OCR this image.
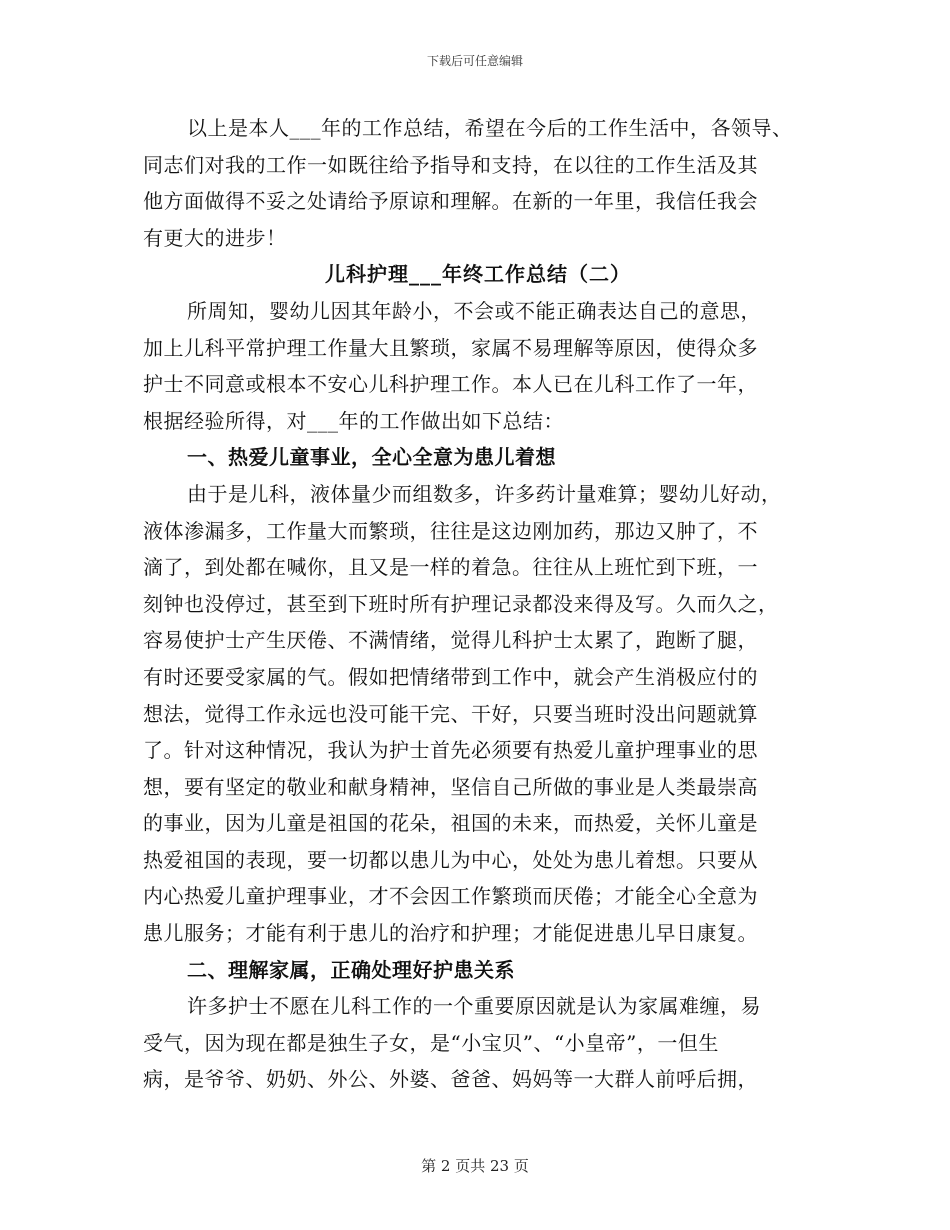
下载后可任意编辑
以上是本人___年的工作总结，希望在今后的工作生活中，各领导、
同志们对我的工作一如既往给予指导和支持，在以往的工作生活及其
他方面做得不妥之处请给予原谅和理解。在新的一年里，我信任我会
有更大的进步！
儿科护理___年终工作总结（二）
所周知，婴幼儿因其年龄小，不会或不能正确表达自己的意思，
加上儿科平常护理工作量大且繁琐，家属不易理解等原因，使得众多
护士不同意或根本不安心儿科护理工作。本人已在儿科工作了一年，
根据经验所得，对___年的工作做出如下总结：
一、热爱儿童事业，全心全意为患儿着想
由于是儿科，液体量少而组数多，许多药计量难算；婴幼儿好动，
液体渗漏多，工作量大而繁琐，往往是这边刚加药，那边又肿了，不
滴了，到处都在喊你，且又是一样的着急。往往从上班忙到下班，一
刻钟也没停过，甚至到下班时所有护理记录都没来得及写。久而久之，
容易使护士产生厌倦、不满情绪，觉得儿科护士太累了，跑断了腿，
有时还要受家属的气。假如把情绪带到工作中，就会产生消极应付的
想法，觉得工作永远也没可能干完、干好，只要当班时没出问题就算
了。针对这种情况，我认为护士首先必须要有热爱儿童护理事业的思
想，要有坚定的敬业和献身精神，坚信自己所做的事业是人类最崇高
的事业，因为儿童是祖国的花朵，祖国的未来，而热爱，关怀儿童是
热爱祖国的表现，要一切都以患儿为中心，处处为患儿着想。只要从
内心热爱儿童护理事业，才不会因工作繁琐而厌倦；才能全心全意为
患儿服务；才能有利于患儿的治疗和护理；才能促进患儿早日康复。
二、理解家属，正确处理好护患关系
许多护士不愿在儿科工作的一个重要原因就是认为家属难缠，易
受气，因为现在都是独生子女，是“小宝贝”、“小皇帝”，一但生
病，是爷爷、奶奶、外公、外婆、爸爸、妈妈等一大群人前呼后拥，
第 2 页共 23 页
